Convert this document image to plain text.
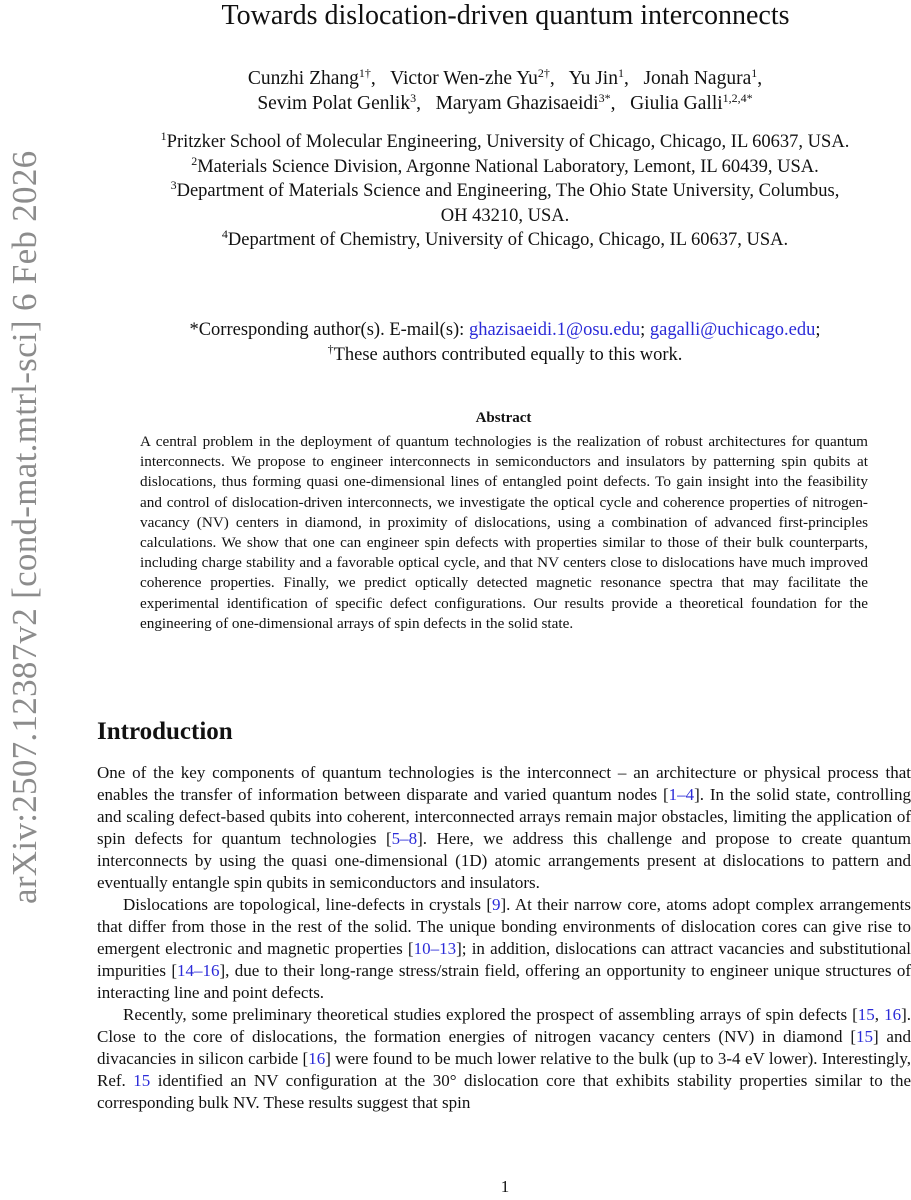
arXiv:2507.12387v2 [cond-mat.mtrl-sci] 6 Feb 2026
Towards dislocation-driven quantum interconnects
Cunzhi Zhang$^{1\dagger}$,   Victor Wen-zhe $Yu^{2\dagger}$,   Yu Jin$^1$,   Jonah Nagura$^1$,
Sevim Polat Genlik$^3$,   Maryam Ghazisaeidi$^{3*}$,   Giulia Galli$^{1,2,4*}$
$^1$Pritzker School of Molecular Engineering, University of Chicago, Chicago, IL 60637, USA.
$^2$Materials Science Division, Argonne National Laboratory, Lemont, IL 60439, USA.
$^3$Department of Materials Science and Engineering, The Ohio State University, Columbus, OH 43210, USA.
$^4$Department of Chemistry, University of Chicago, Chicago, IL 60637, USA.
*Corresponding author(s). E-mail(s): ghazisaeidi.1@osu.edu; gagalli@uchicago.edu;
†These authors contributed equally to this work.
Abstract
A central problem in the deployment of quantum technologies is the realization of robust architectures for quantum interconnects. We propose to engineer interconnects in semiconductors and insulators by patterning spin qubits at dislocations, thus forming quasi one-dimensional lines of entangled point defects. To gain insight into the feasibility and control of dislocation-driven interconnects, we investigate the optical cycle and coherence properties of nitrogen-vacancy (NV) centers in diamond, in proximity of dislocations, using a combination of advanced first-principles calculations. We show that one can engineer spin defects with properties similar to those of their bulk counterparts, including charge stability and a favorable optical cycle, and that NV centers close to dislocations have much improved coherence properties. Finally, we predict optically detected magnetic resonance spectra that may facilitate the experimental identification of specific defect configurations. Our results provide a theoretical foundation for the engineering of one-dimensional arrays of spin defects in the solid state.
Introduction

One of the key components of quantum technologies is the interconnect – an architecture or physical process that enables the transfer of information between disparate and varied quantum nodes [1–4]. In the solid state, controlling and scaling defect-based qubits into coherent, interconnected arrays remain major obstacles, limiting the application of spin defects for quantum technologies [5–8]. Here, we address this challenge and propose to create quantum interconnects by using the quasi one-dimensional (1D) atomic arrangements present at dislocations to pattern and eventually entangle spin qubits in semiconductors and insulators.

Dislocations are topological, line-defects in crystals [9]. At their narrow core, atoms adopt complex arrangements that differ from those in the rest of the solid. The unique bonding environments of dislocation cores can give rise to emergent electronic and magnetic properties [10–13]; in addition, dislocations can attract vacancies and substitutional impurities [14–16], due to their long-range stress/strain field, offering an opportunity to engineer unique structures of interacting line and point defects.

Recently, some preliminary theoretical studies explored the prospect of assembling arrays of spin defects [15, 16]. Close to the core of dislocations, the formation energies of nitrogen vacancy centers (NV) in diamond [15] and divacancies in silicon carbide [16] were found to be much lower relative to the bulk (up to 3-4 eV lower). Interestingly, Ref. 15 identified an NV configuration at the 30° dislocation core that exhibits stability properties similar to the corresponding bulk NV. These results suggest that spin

1
